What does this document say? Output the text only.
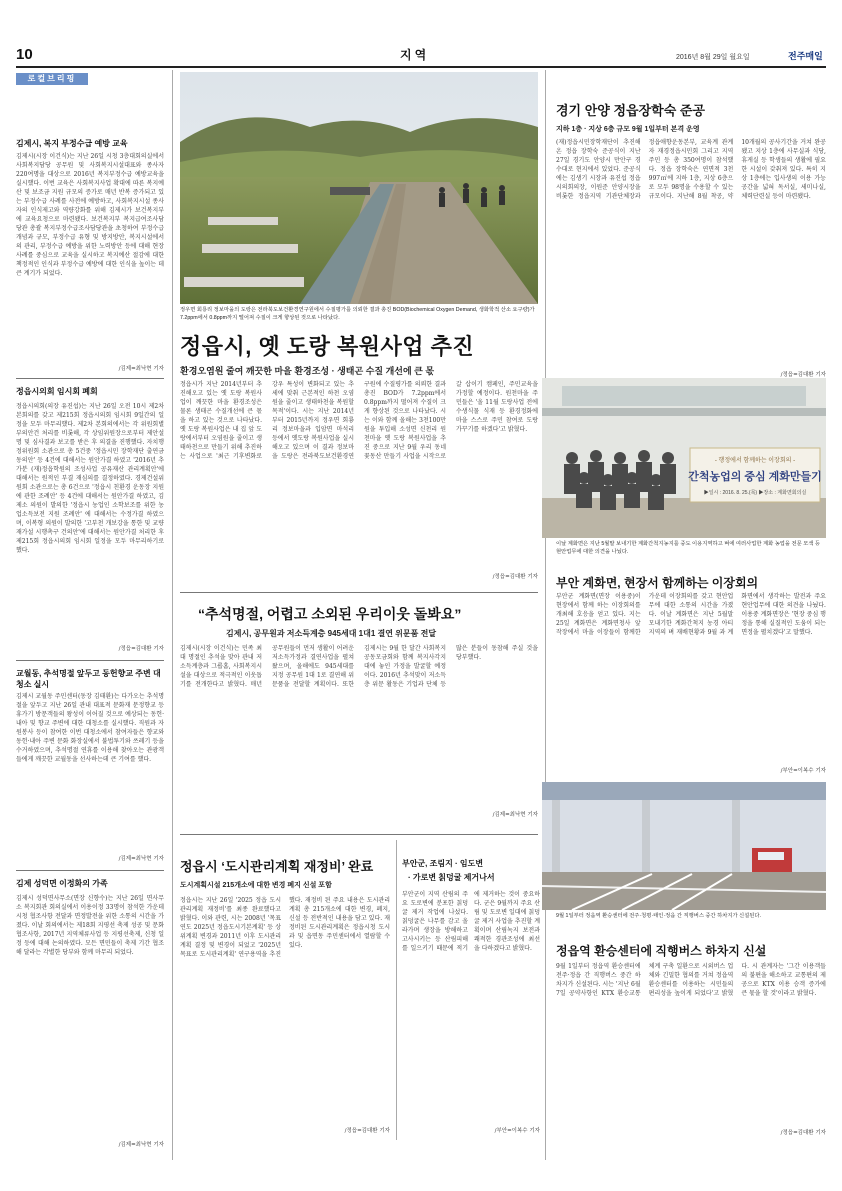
10	지역	2016년 8월 29일 월요일	전주매일
로컬브리핑
김제시, 복지 부정수급 예방 교육
김제시(시장 이건식)는 지난 26일 시청 3층대회의실에서 사회복지담당 공무원 및 사회복지시설대표와 종사자 220여명을 대상으로 2016년 복지부정수급 예방교육을 실시했다. 이번 교육은 사회복지사업 확대에 따른 복지예산 및 보조금 지원 규모의 증가로 매년 반복 증가되고 있는 부정수급 사례를 사전에 예방하고, 사회복지시설 종사자의 인식제고와 역량강화를 위해 김제시가 보건복지부에 교육요청으로 마련됐다. 보건복지부 복지급여조사담당관 총괄 복지부정수급조사담당관을 초청하여 부정수급개념과 규모, 부정수급 유형 및 방지방안, 복지시설에서의 관리, 부정수급 예방을 위한 노력방안 등에 대해 현장 사례를 중심으로 교육을 실시하고 복지예산 절감에 대한 책정적인 인식과 부정수급 예방에 대한 인식을 높이는 데 큰 계기가 되었다.
/김제=최낙현 기자
정읍시의회 임시회 폐회
정읍시의회(의장 유진섭)는 지난 26일 오전 10시 제2차 본회의를 갖고 제215회 정읍시의회 임시회 9일간의 일정을 모두 마무리했다. 제2차 본회의에서는 각 위원회별 부의안건 처리를 비롯해, 각 상임위원장으로부터 제안설명 및 심사결과 보고를 받은 후 의결을 진행했다. 자치행정위원회 소관으로 총 5건중 '정읍시민 장학재단 출연금 동의안' 등 4건에 대해서는 원안가결 하였고 '2016년 추가분 (재)정읍학원의 조성사업 공유재산 관리계획안'에 대해서는 원적인 부결 재심의를 결정하였다. 경제건설위원회 소관으로는 총 6건으로 '정읍시 친환경 운동장 지원에 관한 조례안' 등 4건에 대해서는 원안가결 하였고, 김제소 의원이 발의한 '정읍시 농업인 소학보조를 위한 농업소득보전 지원 조례안' 에 대해서는 수정가결 하였으며, 이복형 의원이 발의한 '고부천 개보강을 통한 및 교량 재가설 시행촉구 건의안'에 대해서는 원안가결 처리한 후 제215회 정읍시의회 임시회 일정을 모두 마무리하기로 했다.
/정읍=김대환 기자
교월동, 추석명절 앞두고 동헌향교 주변 대청소 실시
김제시 교월동 주민센터(동장 김태환)는 다가오는 추석명절을 앞두고 지난 26일 관내 대표적 문화재 문정향교 등 휴가기 방문객들의 왕성이 이어질 것으로 예상되는 동헌·내아 및 향교 주변에 대한 대청소를 실시했다. 직원과 자원봉사 등이 참여한 이번 대청소에서 참여자들은 향교와 동헌·내아 주변 문화 화장실에서 불법투기와 쓰레기 등을 수거하였으며, 추석명절 연휴를 이용해 찾아오는 관광객들에게 깨끗한 교월동을 선사하는데 큰 기여를 했다.
/김제=최낙현 기자
김제 성덕면 이정화의 가족
김제시 성덕면사무소(면장 신향수)는 지난 26일 면사무소 복지회관 회의실에서 이용이정 33명이 참석한 가운데 시청 협조사항 전달과 면정발전을 위한 소통의 시간을 가졌다. 이날 회의에서는 제18회 지평선 축제 성공 및 문화 협조사항, 2017년 지역체류사업 등 지평선축제, 신청 일정 등에 대해 논의하였다. 모든 면민들이 축제 기간 협조해 달라는 각별한 당부와 함께 마무리 되었다.
/김제=최낙현 기자
정우면 회룡리 정보마을의 도랑은 전라북도보건환경연구원에서 수질평가를 의뢰한 결과 총진 BOD(Biochemical Oxygen Demand, 생화학적 산소 요구량)가 7.2ppm에서 0.8ppm까지 떨어져 수질이 크게 향상된 것으로 나타났다.
정읍시, 옛 도랑 복원사업 추진
환경오염원 줄여 깨끗한 마을 환경조성 · 생태곤 수질 개선에 큰 몫
정읍시가 지난 2014년부터 추진해오고 있는 옛 도랑 복원사업이 깨끗한 마을 환경조성은 물론 생태곤 수질개선에 큰 몫을 하고 있는 것으로 나타났다. 옛 도랑 복원사업은 내 집 앞 도랑에서부터 오염원을 줄이고 생태하천으로 만들기 위해 추진하는 사업으로 '최근 기후변화로 강우 특성이 변화되고 있는 추세에 맞춰 근본적인 하천 오염원을 줄이고 생태하천을 복원할 목적'이다. 시는 지난 2014년부터 2015년까지 정우면 회룡리 정보마을과 입암면 마석리 등에서 옛도랑 복원사업을 실시해오고 있으며 이 결과 정보마을 도랑은 전라북도보건환경연구원에 수질평가를 의뢰한 결과 총진 BOD가 7.2ppm에서 0.8ppm까지 떨어져 수질이 크게 향상된 것으로 나타났다. 시는 이와 함께 올해는 3천100만원을 투입해 소성면 신천리 원천마을 옛 도랑 복원사업을 추진 중으로 지난 9월 우리 동네 꽃동산 만들기 사업을 시작으로 갈 삽이기 캠페인, 주민교육을 가정할 예정이다. 원천마을 주민들은 '올 11월 도랑사업 전에 수생식물 식재 등 환경정화에 마을 스스로 주민 참여로 도랑 가꾸기를 하겠다'고 밝혔다.
/정읍=김대환 기자
경기 안양 정읍장학숙 준공
지하 1층 · 지상 6층 규모 9월 1일부터 본격 운영
(재)정읍시민장학재단이 추진해온 정읍 장학숙 준공식이 지난 27일 경기도 안양시 만안구 경수대로 현지에서 있었다. 준공식에는 김생기 시장과 유진섭 정읍시의회의장, 이원준 안양시장을 비롯한 정읍지역 기관단체장과 정읍애향운동본부, 교육계 관계자 재경정읍시민회 그리고 지역주민 등 총 350여명이 참석했다. 정읍 장학숙은 연면적 3천 997㎡에 지하 1층, 지상 6층으로 모두 98명을 수용할 수 있는 규모이다. 지난해 8월 착공, 약 10개월의 공사기간을 거쳐 완공됐고 지상 1층에 사무실과 식당, 휴게실 등 학생들의 생활에 필요한 시설이 갖춰져 있다. 특히 지상 1층에는 입사생의 이용 가능 공간을 넓혀 독서실, 세미나실, 체력단련실 등이 마련됐다.
/정읍=김대환 기자
- 행정에서 함께하는 이장회의 -
간척농업의 중심 계화만들기
▶일시 : 2016. 8. 25.(목) ▶장소 : 계화면회의실
이날 계화면은 지난 5월말 보내기한 계화간척지농지를 중도 이용지역하고 벼에 여러사업한 계화 농업을 전문 모색 등 현안업무에 대한 의견을 나눴다.
“추석명절, 어렵고 소외된 우리이웃 돌봐요”
김제시, 공무원과 저소득계층 945세대 1대1 결연 위문품 전달
김제시(시장 이건식)는 민족 최대 명절인 추석을 맞아 관내 저소득계층과 그룹홈, 사회복지시설을 대상으로 적극적인 이웃돕기를 전개한다고 밝혔다. 매년 공무원들이 먼저 생활이 어려운 저소득가정과 결연사업을 펼쳐 왔으며, 올해에도 945세대를 지정 공무원 1대 1로 결연해 위문품을 전달할 계획이다. 또한 김제시는 9월 한 달간 사회복지공동모금회와 함께 복지사각지대에 놓인 가정을 발굴할 예정이다. 2016년 추석맞이 저소득층 위문 활동은 기업과 단체 등 많은 분들이 동참해 주실 것을 당부했다.
/김제=최낙현 기자
부안 계화면, 현장서 함께하는 이장회의
부안군 계화면(면장 이용중)이 현장에서 함께 하는 이장회의를 개최해 호응을 얻고 있다. 지는 25일 계화면은 계화면청사 앞 작장에서 마을 이장들이 함께한 가운데 이장회의를 갖고 현안업무에 대한 소통의 시간을 가졌다. 이날 계화면은 지난 5월말 모내기한 계화간척지 농경 아티지역의 벼 재배현황과 9월 과 계화면에서 생각하는 발전과 주요 현안업무에 대한 의견을 나눴다. 이용중 계화면장은 '현장 중심 행정을 통해 실질적인 도움이 되는 면정을 펼치겠다'고 말했다.
/부안=이복수 기자
9월 1일부터 정읍역 환승센터에 전주·청평·태인·정읍 간 직행버스 중간 하차지가 신설된다.
정읍시 ‘도시관리계획 재정비’ 완료
도시계획시설 215개소에 대한 변경 폐지 신설 포함
정읍시는 지난 26일 '2025 정읍 도시관리계획 재정비'를 최종 완료했다고 밝혔다. 이와 관련, 시는 2008년 '목표연도 2025년 정읍도시기본계획' 등 상위계획 변경과 2011년 이후 도시관리계획 결정 및 변경이 되었고 '2025년 목표로 도시관리계획' 연구용역을 추진했다. 재정비 된 주요 내용은 도시관리계획 총 215개소에 대한 변경, 폐지, 신설 등 전반적인 내용을 담고 있다. 재정비된 도시관리계획은 정읍시청 도시과 및 읍면동 주민센터에서 열람할 수 있다.
/정읍=김대환 기자
부안군, 조림지 · 임도변
· 가로변 칡덩굴 제거나서
부안군이 지역 산림의 주요 도로변에 분포한 칡덩굴 제거 작업에 나섰다. 칡덩굴은 나무를 감고 올라가며 생장을 방해하고 고사시키는 등 산림피해를 일으키기 때문에 적기에 제거하는 것이 중요하다. 군은 9월까지 주요 산림 및 도로변 일대에 칡덩굴 제거 사업을 추진할 계획이며 산림녹지 보전과 쾌적한 경관조성에 최선을 다하겠다고 밝혔다.
/부안=이복수 기자
정읍역 환승센터에 직행버스 하차지 신설
9월 1일부터 정읍역 환승센터에 전주·정읍 간 직행버스 중간 하차지가 신설된다. 시는 '지난 6월 7일 공약사항인 KTX 환승교통체계 구축 일환으로 시외버스 업체와 긴밀한 협의를 거쳐 정읍역 환승센터를 이용하는 시민들의 편리성을 높이게 되었다'고 밝혔다. 시 관계자는 '그간 이용객들의 불편을 해소하고 교통편의 제공으로 KTX 이용 승객 증가에 큰 몫을 할 것'이라고 밝혔다.
/정읍=김대환 기자
